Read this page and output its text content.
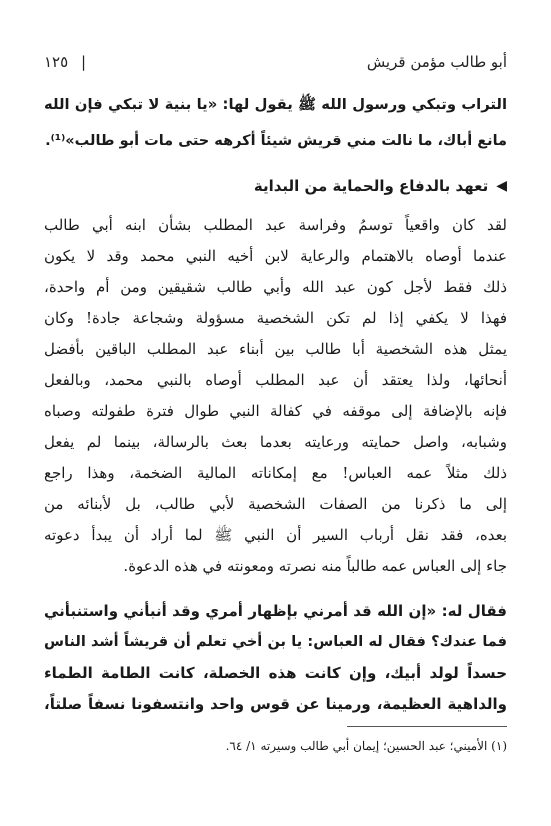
أبو طالب مؤمن قريش
| ١٢٥
التراب وتبكي ورسول الله ﷺ يقول لها: «يا بنية لا تبكي فإن الله
مانع أباك، ما نالت مني قريش شيئاً أكرهه حتى مات أبو طالب»⁽¹⁾.
لقد كان واقعياً توسمُ وفراسة عبد المطلب بشأن ابنه أبي طالب
عندما أوصاه بالاهتمام والرعاية لابن أخيه النبي محمد وقد لا يكون
ذلك فقط لأجل كون عبد الله وأبي طالب شقيقين ومن أم واحدة،
فهذا لا يكفي إذا لم تكن الشخصية مسؤولة وشجاعة جادة! وكان
يمثل هذه الشخصية أبا طالب بين أبناء عبد المطلب الباقين بأفضل
أنحائها، ولذا يعتقد أن عبد المطلب أوصاه بالنبي محمد، وبالفعل
فإنه بالإضافة إلى موقفه في كفالة النبي طوال فترة طفولته وصباه
وشبابه، واصل حمايته ورعايته بعدما بعث بالرسالة، بينما لم يفعل
ذلك مثلاً عمه العباس! مع إمكاناته المالية الضخمة، وهذا راجع
إلى ما ذكرنا من الصفات الشخصية لأبي طالب، بل لأبنائه من
بعده، فقد نقل أرباب السير أن النبي ﷺ لما أراد أن يبدأ دعوته
جاء إلى العباس عمه طالباً منه نصرته ومعونته في هذه الدعوة.
فقال له: «إن الله قد أمرني بإظهار أمري وقد أنبأني واستنبأني
فما عندك؟ فقال له العباس: يا بن أخي تعلم أن قريشاً أشد الناس
حسداً لولد أبيك، وإن كانت هذه الخصلة، كانت الطامة الطماء
والداهية العظيمة، ورمينا عن قوس واحد وانتسفونا نسفاً صلتاً،
◀
تعهد بالدفاع والحماية من البداية
(١) الأميني؛ عبد الحسين؛ إيمان أبي طالب وسيرته ١/ ٦٤.
